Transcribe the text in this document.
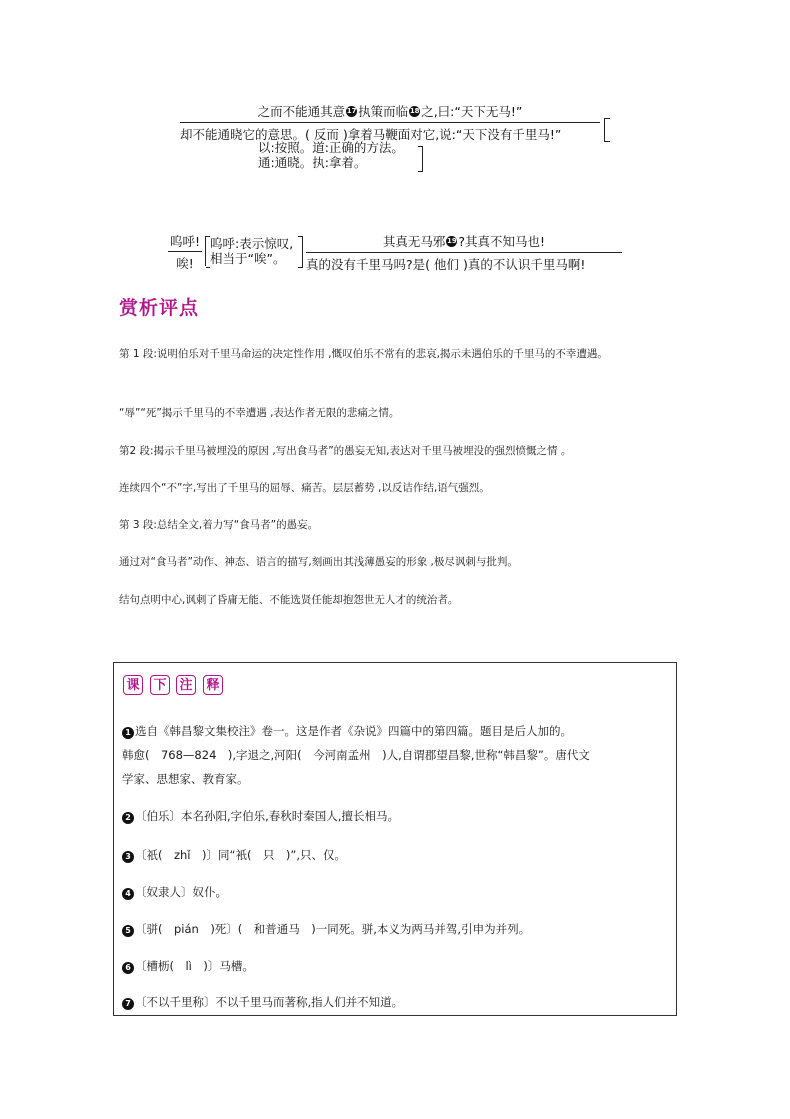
之而不能通其意 17 执策而临 18 之,曰:“天下无马!”
却不能通晓它的意思。( 反而 )拿着马鞭面对它,说:“天下没有千里马!”
以:按照。道:正确的方法。
通:通晓。执:拿着。
呜呼!
唉!
呜呼:表示惊叹,
相当于“唉”。
其真无马邪 19 ?其真不知马也!
真的没有千里马吗?是( 他们 )真的不认识千里马啊!
赏析评点
第 1 段:说明伯乐对千里马命运的决定性作用 ,慨叹伯乐不常有的悲哀,揭示未遇伯乐的千里马的不幸遭遇。
“辱”“死”揭示千里马的不幸遭遇 ,表达作者无限的悲痛之情。
第2 段:揭示千里马被埋没的原因 ,写出食马者”的愚妄无知,表达对千里马被埋没的强烈愤慨之情 。
连续四个“不”字,写出了千里马的屈辱、痛苦。层层蓄势 ,以反诘作结,语气强烈。
第 3 段:总结全文,着力写“食马者”的愚妄。
通过对“食马者”动作、神态、语言的描写,刻画出其浅薄愚妄的形象 ,极尽讽刺与批判。
结句点明中心,讽刺了昏庸无能、不能选贤任能却抱怨世无人才的统治者。
课 下 注 释
1 选自《韩昌黎文集校注》卷一。这是作者《杂说》四篇中的第四篇。题目是后人加的。
韩愈(　768—824　),字退之,河阳(　今河南孟州　)人,自谓郡望昌黎,世称“韩昌黎”。唐代文
学家、思想家、教育家。
2 〔伯乐〕本名孙阳,字伯乐,春秋时秦国人,擅长相马。
3 〔祇(　zhǐ　)〕同“衹(　只　)”,只、仅。
4 〔奴隶人〕奴仆。
5 〔骈(　pián　)死〕(　和普通马　)一同死。骈,本义为两马并驾,引申为并列。
6 〔槽枥(　lì　)〕马槽。
7 〔不以千里称〕不以千里马而著称,指人们并不知道。
